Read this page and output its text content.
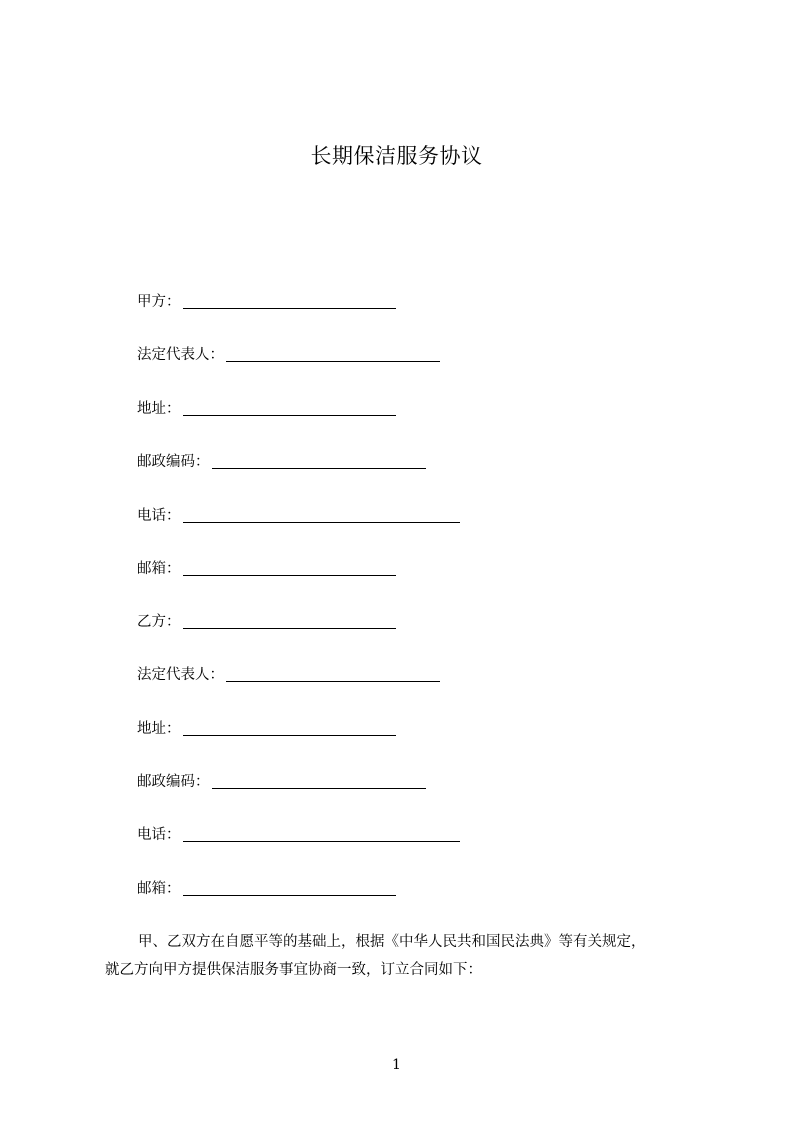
长期保洁服务协议
甲方：
法定代表人：
地址：
邮政编码：
电话：
邮箱：
乙方：
法定代表人：
地址：
邮政编码：
电话：
邮箱：
甲、乙双方在自愿平等的基础上，根据《中华人民共和国民法典》等有关规定，
就乙方向甲方提供保洁服务事宜协商一致，订立合同如下：
1
